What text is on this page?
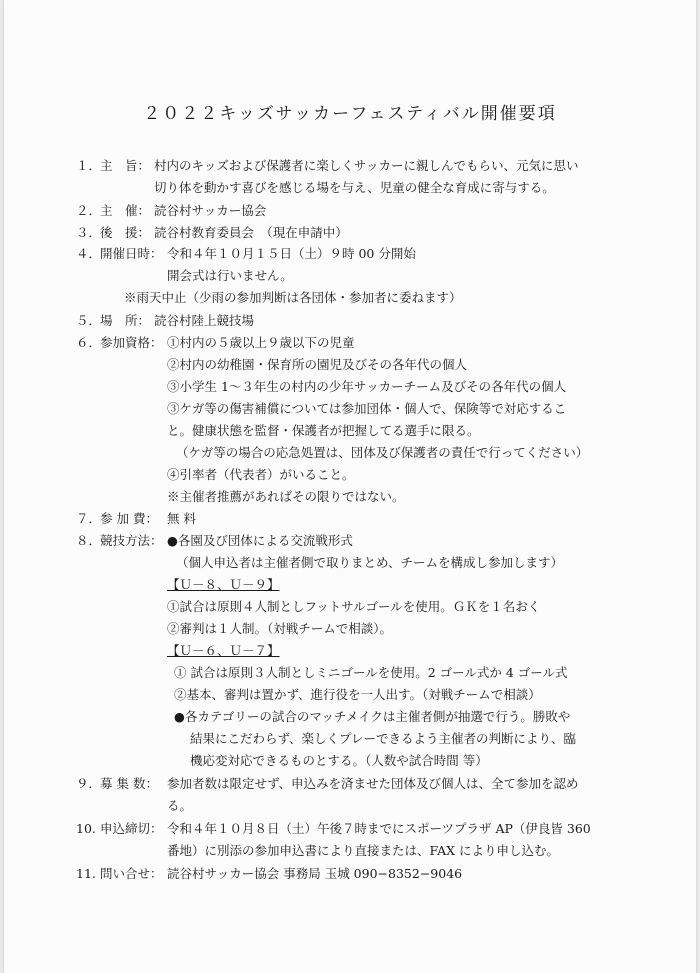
２０２２キッズサッカーフェスティバル開催要項
１．
主　旨： 村内のキッズおよび保護者に楽しくサッカーに親しんでもらい、元気に思い
切り体を動かす喜びを感じる場を与え、児童の健全な育成に寄与する。
２．
主　催： 読谷村サッカー協会
３．
後　援： 読谷村教育委員会　（現在申請中）
４．
開催日時： 令和４年１０月１５日（土）９時 00 分開始
開会式は行いません。
※雨天中止（少雨の参加判断は各団体・参加者に委ねます）
５．
場　所： 読谷村陸上競技場
６．
参加資格： ①村内の５歳以上９歳以下の児童
②村内の幼稚園・保育所の園児及びその各年代の個人
③小学生 1～３年生の村内の少年サッカーチーム及びその各年代の個人
③ケガ等の傷害補償については参加団体・個人で、保険等で対応するこ
と。健康状態を監督・保護者が把握してる選手に限る。
（ケガ等の場合の応急処置は、団体及び保護者の責任で行ってください）
④引率者（代表者）がいること。
※主催者推薦があればその限りではない。
７．
参 加 費： 無 料
８．
競技方法： ●各園及び団体による交流戦形式
（個人申込者は主催者側で取りまとめ、チームを構成し参加します）
【Ｕ－８、Ｕ－９】
①試合は原則４人制としフットサルゴールを使用。ＧＫを１名おく
②審判は１人制。（対戦チームで相談）。
【Ｕ－６、Ｕ－７】
① 試合は原則３人制としミニゴールを使用。2 ゴール式か 4 ゴール式
②基本、審判は置かず、進行役を一人出す。（対戦チームで相談）
●各カテゴリーの試合のマッチメイクは主催者側が抽選で行う。勝敗や
結果にこだわらず、楽しくプレーできるよう主催者の判断により、臨
機応変対応できるものとする。（人数や試合時間 等）
９．
募 集 数： 参加者数は限定せず、申込みを済ませた団体及び個人は、全て参加を認め
る。
10. 申込締切： 令和４年１０月８日（土）午後７時までにスポーツプラザ AP（伊良皆 360
番地）に別添の参加申込書により直接または、FAX により申し込む。
11. 問い合せ： 読谷村サッカー協会 事務局 玉城 090−8352−9046
